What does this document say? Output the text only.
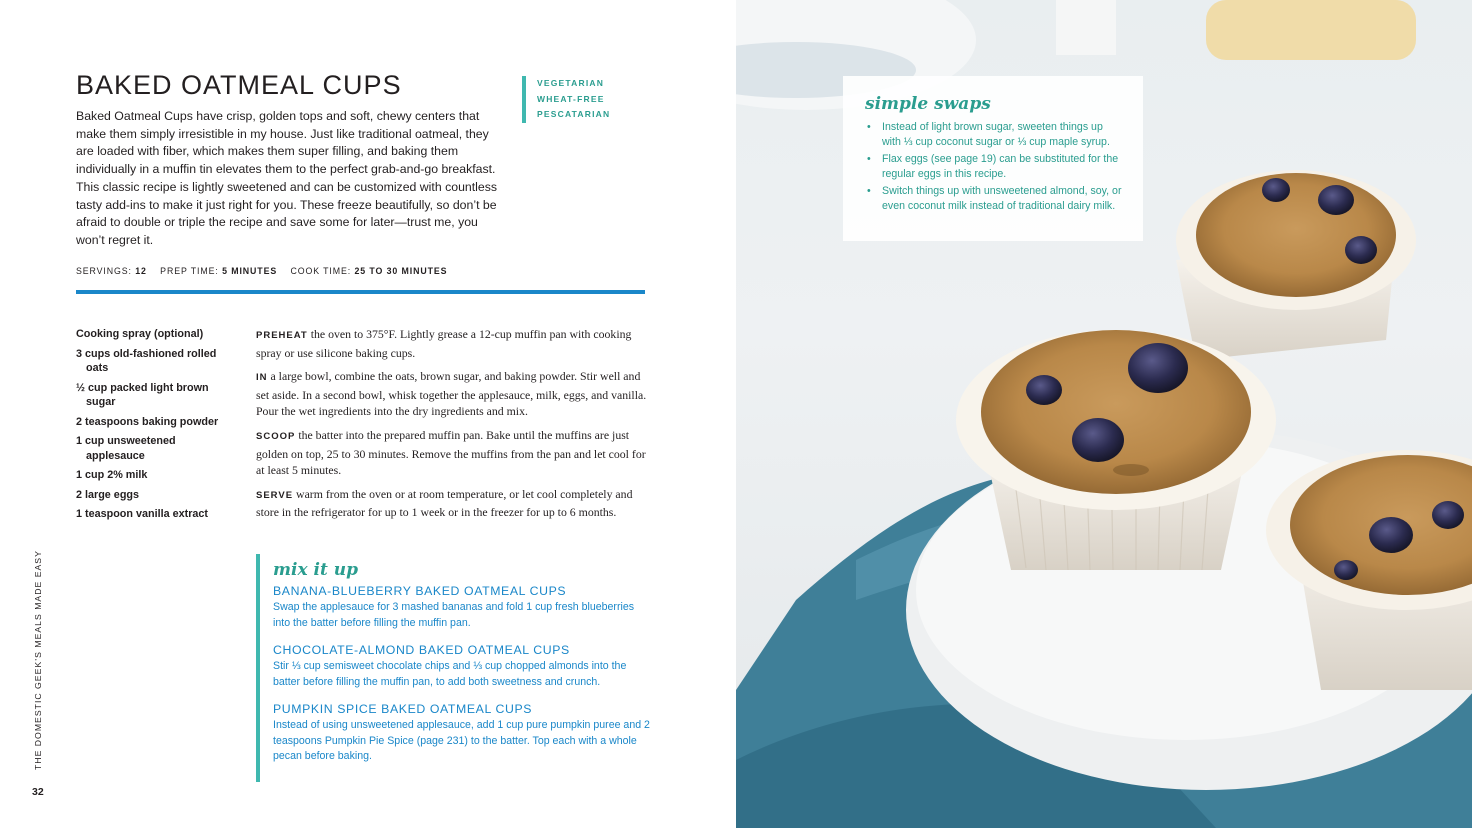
BAKED OATMEAL CUPS	VEGETARIAN
WHEAT-FREE
PESCATARIAN

Baked Oatmeal Cups have crisp, golden tops and soft, chewy centers that make them simply irresistible in my house. Just like traditional oatmeal, they are loaded with fiber, which makes them super filling, and baking them individually in a muffin tin elevates them to the perfect grab-and-go breakfast. This classic recipe is lightly sweetened and can be customized with countless tasty add-ins to make it just right for you. These freeze beautifully, so don’t be afraid to double or triple the recipe and save some for later—trust me, you won’t regret it.

SERVINGS: 12 PREP TIME: 5 MINUTES COOK TIME: 25 TO 30 MINUTES
Cooking spray (optional)
3 cups old-fashioned rolled oats
½ cup packed light brown sugar
2 teaspoons baking powder
1 cup unsweetened applesauce
1 cup 2% milk
2 large eggs
1 teaspoon vanilla extract

PREHEAT the oven to 375°F. Lightly grease a 12-cup muffin pan with cooking spray or use silicone baking cups.

IN a large bowl, combine the oats, brown sugar, and baking powder. Stir well and set aside. In a second bowl, whisk together the applesauce, milk, eggs, and vanilla. Pour the wet ingredients into the dry ingredients and mix.

SCOOP the batter into the prepared muffin pan. Bake until the muffins are just golden on top, 25 to 30 minutes. Remove the muffins from the pan and let cool for at least 5 minutes.

SERVE warm from the oven or at room temperature, or let cool completely and store in the refrigerator for up to 1 week or in the freezer for up to 6 months.

mix it up
BANANA-BLUEBERRY BAKED OATMEAL CUPS
Swap the applesauce for 3 mashed bananas and fold 1 cup fresh blueberries into the batter before filling the muffin pan.
CHOCOLATE-ALMOND BAKED OATMEAL CUPS
Stir ⅓ cup semisweet chocolate chips and ⅓ cup chopped almonds into the batter before filling the muffin pan, to add both sweetness and crunch.
PUMPKIN SPICE BAKED OATMEAL CUPS
Instead of using unsweetened applesauce, add 1 cup pure pumpkin puree and 2 teaspoons Pumpkin Pie Spice (page 231) to the batter. Top each with a whole pecan before baking.
THE DOMESTIC GEEK’S MEALS MADE EASY
32
simple swaps
• Instead of light brown sugar, sweeten things up with ⅓ cup coconut sugar or ⅓ cup maple syrup.
• Flax eggs (see page 19) can be substituted for the regular eggs in this recipe.
• Switch things up with unsweetened almond, soy, or even coconut milk instead of traditional dairy milk.
